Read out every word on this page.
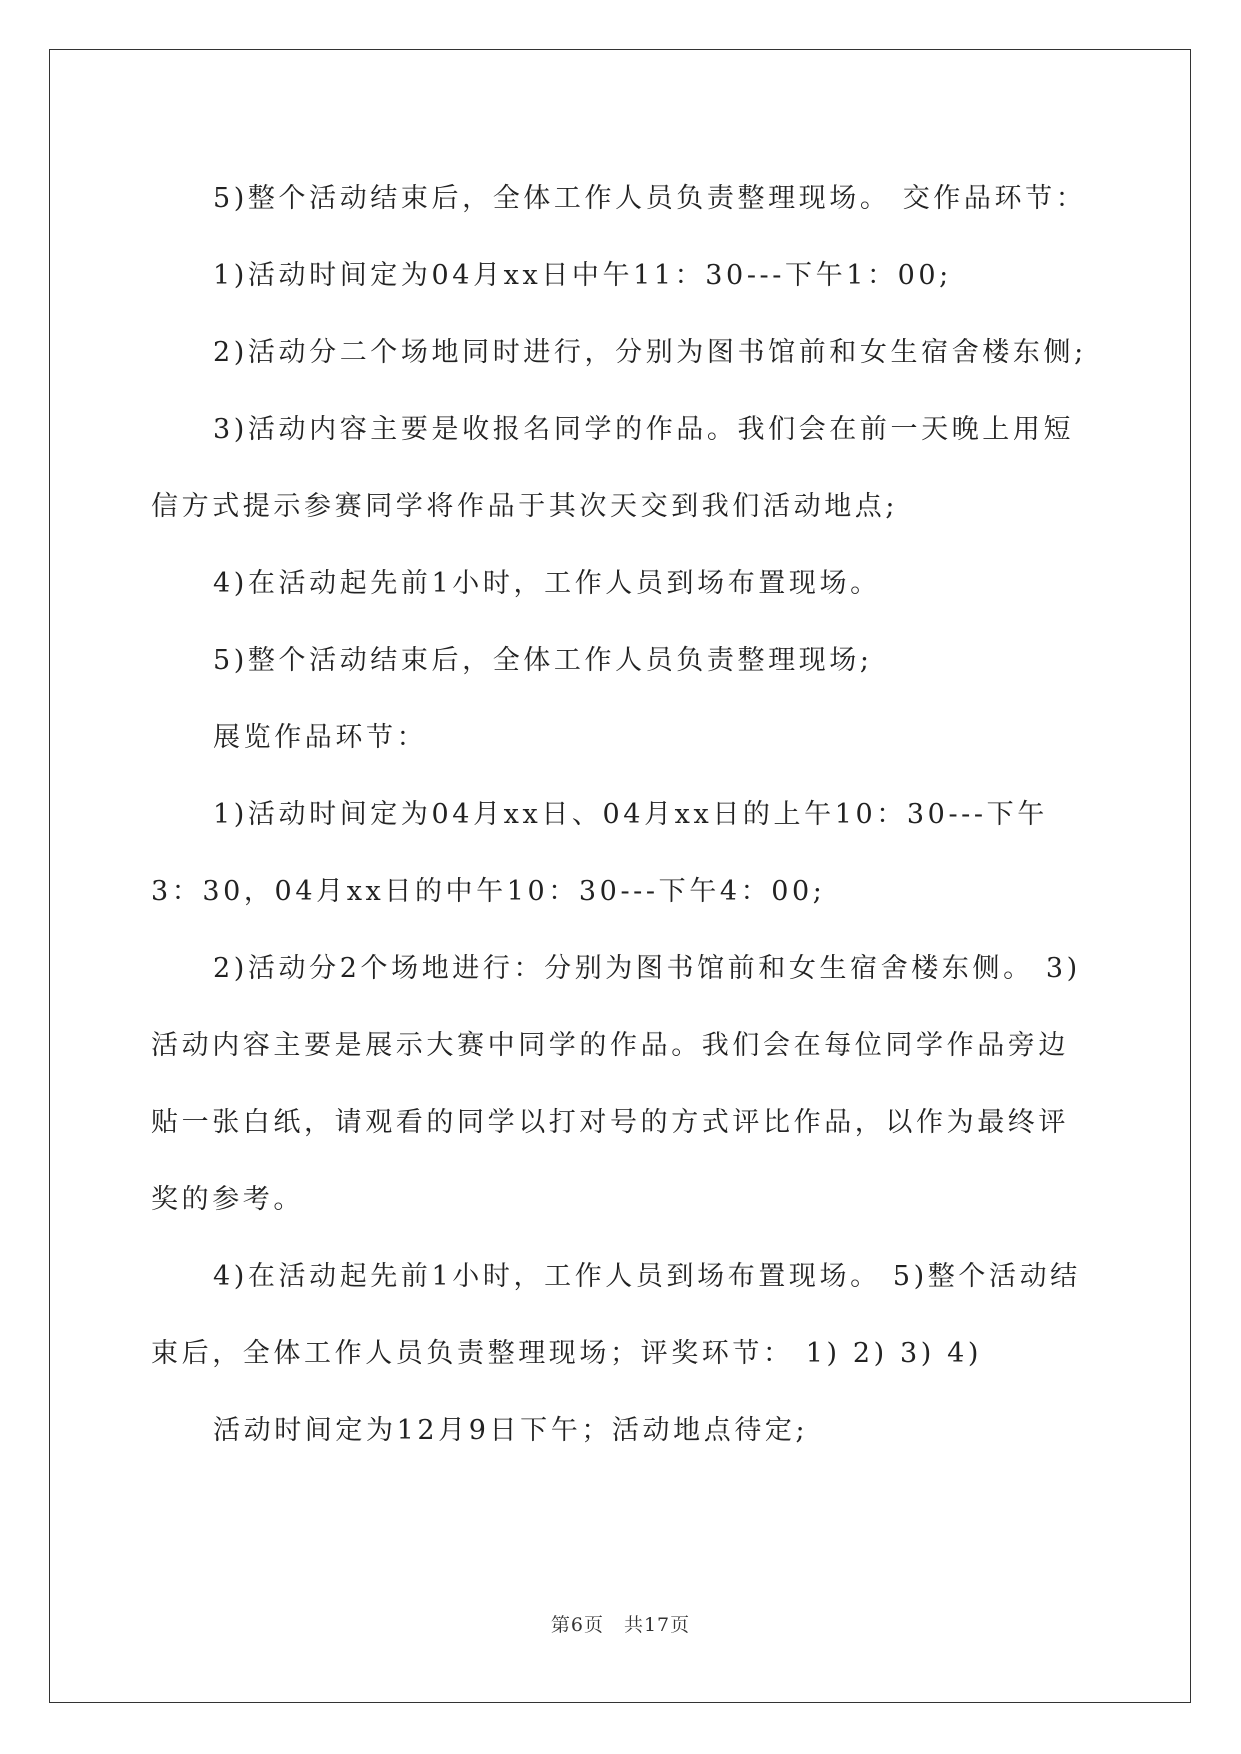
5)整个活动结束后，全体工作人员负责整理现场。 交作品环节：

1)活动时间定为04月xx日中午11：30---下午1：00;

2)活动分二个场地同时进行，分别为图书馆前和女生宿舍楼东侧;

3)活动内容主要是收报名同学的作品。我们会在前一天晚上用短

信方式提示参赛同学将作品于其次天交到我们活动地点;

4)在活动起先前1小时，工作人员到场布置现场。

5)整个活动结束后，全体工作人员负责整理现场;

展览作品环节：

1)活动时间定为04月xx日、04月xx日的上午10：30---下午

3：30，04月xx日的中午10：30---下午4：00;

2)活动分2个场地进行：分别为图书馆前和女生宿舍楼东侧。 3)

活动内容主要是展示大赛中同学的作品。我们会在每位同学作品旁边

贴一张白纸，请观看的同学以打对号的方式评比作品，以作为最终评

奖的参考。

4)在活动起先前1小时，工作人员到场布置现场。 5)整个活动结

束后，全体工作人员负责整理现场；评奖环节： 1) 2) 3) 4)

活动时间定为12月9日下午；活动地点待定;

第6页 共17页
